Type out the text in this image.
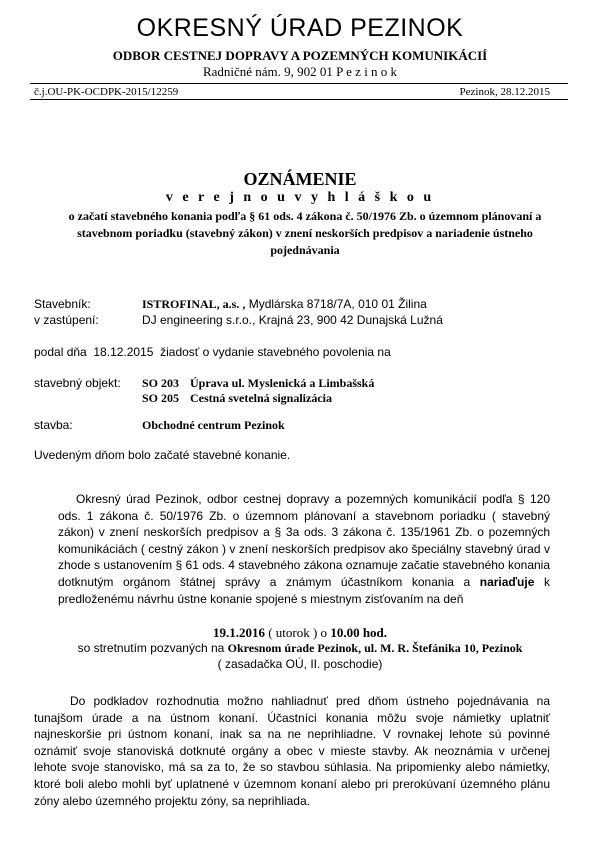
OKRESNÝ ÚRAD PEZINOK
ODBOR CESTNEJ DOPRAVY A POZEMNÝCH KOMUNIKÁCIÍ
Radničné nám. 9, 902 01 P e z i n o k
č.j.OU-PK-OCDPK-2015/12259	Pezinok, 28.12.2015
OZNÁMENIE
v e r e j n o u v y h l á š k o u
o začatí stavebného konania podľa § 61 ods. 4 zákona č. 50/1976 Zb. o územnom plánovaní a stavebnom poriadku (stavebný zákon) v znení neskorších predpisov a nariadenie ústneho pojednávania
Stavebník:	ISTROFINAL, a.s. , Mydlárska 8718/7A, 010 01 Žilina
v zastúpení:	DJ engineering s.r.o., Krajná 23, 900 42 Dunajská Lužná
podal dňa  18.12.2015  žiadosť o vydanie stavebného povolenia na
stavebný objekt: SO 203 Úprava ul. Myslenická a Limbašská
SO 205 Cestná svetelná signalizácia
stavba:	Obchodné centrum Pezinok
Uvedeným dňom bolo začaté stavebné konanie.
Okresný úrad Pezinok, odbor cestnej dopravy a pozemných komunikácií podľa § 120 ods. 1 zákona č. 50/1976 Zb. o územnom plánovaní a stavebnom poriadku ( stavebný zákon) v znení neskorších predpisov a § 3a ods. 3 zákona č. 135/1961 Zb. o pozemných komunikáciách ( cestný zákon ) v znení neskorších predpisov ako špeciálny stavebný úrad v zhode s ustanovením § 61 ods. 4 stavebného zákona oznamuje začatie stavebného konania dotknutým orgánom štátnej správy a známym účastníkom konania a nariaďuje k predloženému návrhu ústne konanie spojené s miestnym zisťovaním na deň
19.1.2016 ( utorok ) o 10.00 hod.
so stretnutím pozvaných na Okresnom úrade Pezinok, ul. M. R. Štefánika 10, Pezinok
( zasadačka OÚ, II. poschodie)
Do podkladov rozhodnutia možno nahliadnuť pred dňom ústneho pojednávania na tunajšom úrade a na ústnom konaní. Účastníci konania môžu svoje námietky uplatniť najneskoršie pri ústnom konaní, inak sa na ne neprihliadne. V rovnakej lehote sú povinné oznámiť svoje stanoviská dotknuté orgány a obec v mieste stavby. Ak neoznámia v určenej lehote svoje stanovisko, má sa za to, že so stavbou súhlasia. Na pripomienky alebo námietky, ktoré boli alebo mohli byť uplatnené v územnom konaní alebo pri prerokúvaní územného plánu zóny alebo územného projektu zóny, sa neprihliada.
